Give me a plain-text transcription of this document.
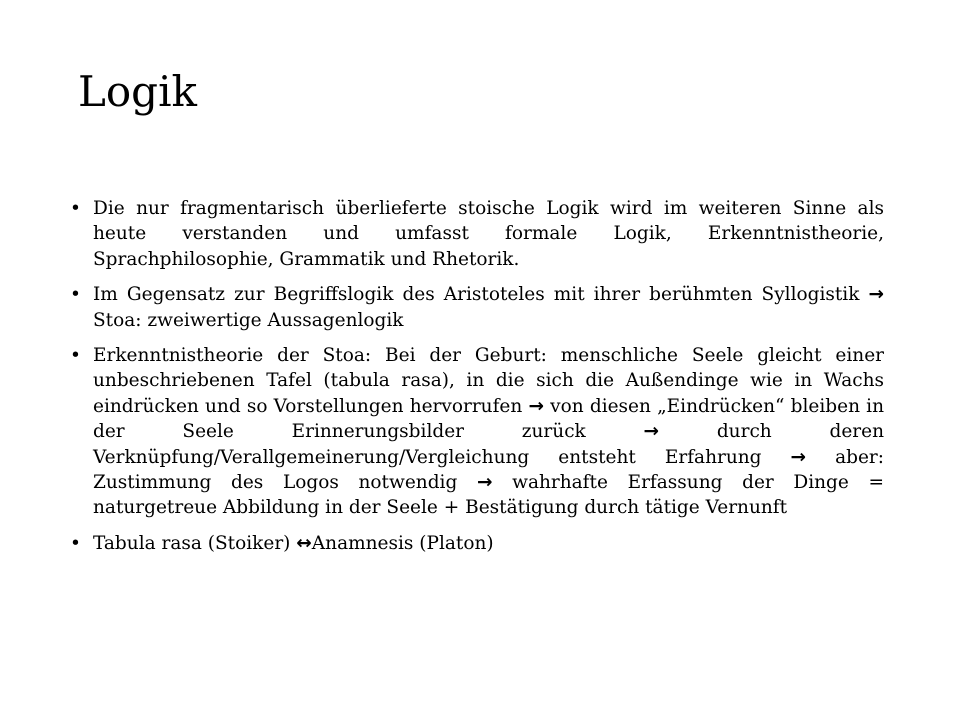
Logik
• Die nur fragmentarisch überlieferte stoische Logik wird im weiteren Sinne als heute verstanden und umfasst formale Logik, Erkenntnistheorie, Sprachphilosophie, Grammatik und Rhetorik.
• Im Gegensatz zur Begriffslogik des Aristoteles mit ihrer berühmten Syllogistik → Stoa: zweiwertige Aussagenlogik
• Erkenntnistheorie der Stoa: Bei der Geburt: menschliche Seele gleicht einer unbeschriebenen Tafel (tabula rasa), in die sich die Außendinge wie in Wachs eindrücken und so Vorstellungen hervorrufen → von diesen „Eindrücken“ bleiben in der Seele Erinnerungsbilder zurück → durch deren Verknüpfung/Verallgemeinerung/Vergleichung entsteht Erfahrung → aber: Zustimmung des Logos notwendig → wahrhafte Erfassung der Dinge = naturgetreue Abbildung in der Seele + Bestätigung durch tätige Vernunft
• Tabula rasa (Stoiker) ↔Anamnesis (Platon)
